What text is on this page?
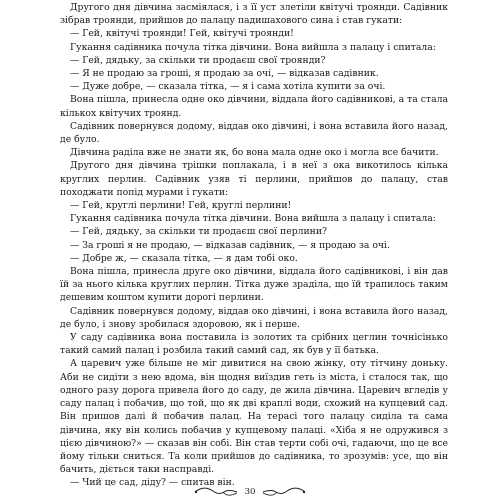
Другого дня дівчина засміялася, і з її уст злетіли квітучі троянди. Садівник зібрав троянди, прийшов до палацу падишахового сина і став гукати:

— Гей, квітучі троянди! Гей, квітучі троянди!

Гукання садівника почула тітка дівчини. Вона вийшла з палацу і спитала:

— Гей, дядьку, за скільки ти продаєш свої троянди?

— Я не продаю за гроші, я продаю за очі, — відказав садівник.

— Дуже добре, — сказала тітка, — я і сама хотіла купити за очі.

Вона пішла, принесла одне око дівчини, віддала його садівникові, а та стала кількох квітучих троянд.

Садівник повернувся додому, віддав око дівчині, і вона вставила його назад, де було.

Дівчина раділа вже не знати як, бо вона мала одне око і могла все бачити.

Другого дня дівчина трішки поплакала, і в неї з ока викотилось кілька круглих перлин. Садівник узяв ті перлини, прийшов до палацу, став походжати попід мурами і гукати:

— Гей, круглі перлини! Гей, круглі перлини!

Гукання садівника почула тітка дівчини. Вона вийшла з палацу і спитала:

— Гей, дядьку, за скільки ти продаєш свої перлини?

— За гроші я не продаю, — відказав садівник, — я продаю за очі.

— Добре ж, — сказала тітка, — я дам тобі око.

Вона пішла, принесла друге око дівчини, віддала його садівникові, і він дав їй за нього кілька круглих перлин. Тітка дуже зраділа, що їй трапилось таким дешевим коштом купити дорогі перлини.

Садівник повернувся додому, віддав око дівчині, і вона вставила його назад, де було, і знову зробилася здоровою, як і перше.

У саду садівника вона поставила із золотих та срібних цеглин точнісінько такий самий палац і розбила такий самий сад, як був у її батька.

А царевич уже більше не міг дивитися на свою жінку, оту тітчину доньку. Аби не сидіти з нею вдома, він щодня виїздив геть із міста, і сталося так, що одного разу дорога привела його до саду, де жила дівчина. Царевич вгледів у саду палац і побачив, що той, що як дві краплі води, схожий на купцевий сад. Він пришов далі й побачив палац. На терасі того палацу сиділа та сама дівчина, яку він колись побачив у купцевому палаці. «Хіба я не одружився з цією дівчиною?» — сказав він собі. Він став терти собі очі, гадаючи, що це все йому тільки сниться. Та коли прийшов до садівника, то зрозумів: усе, що він бачить, діється таки насправді.

— Чий це сад, діду? — спитав він.

30
